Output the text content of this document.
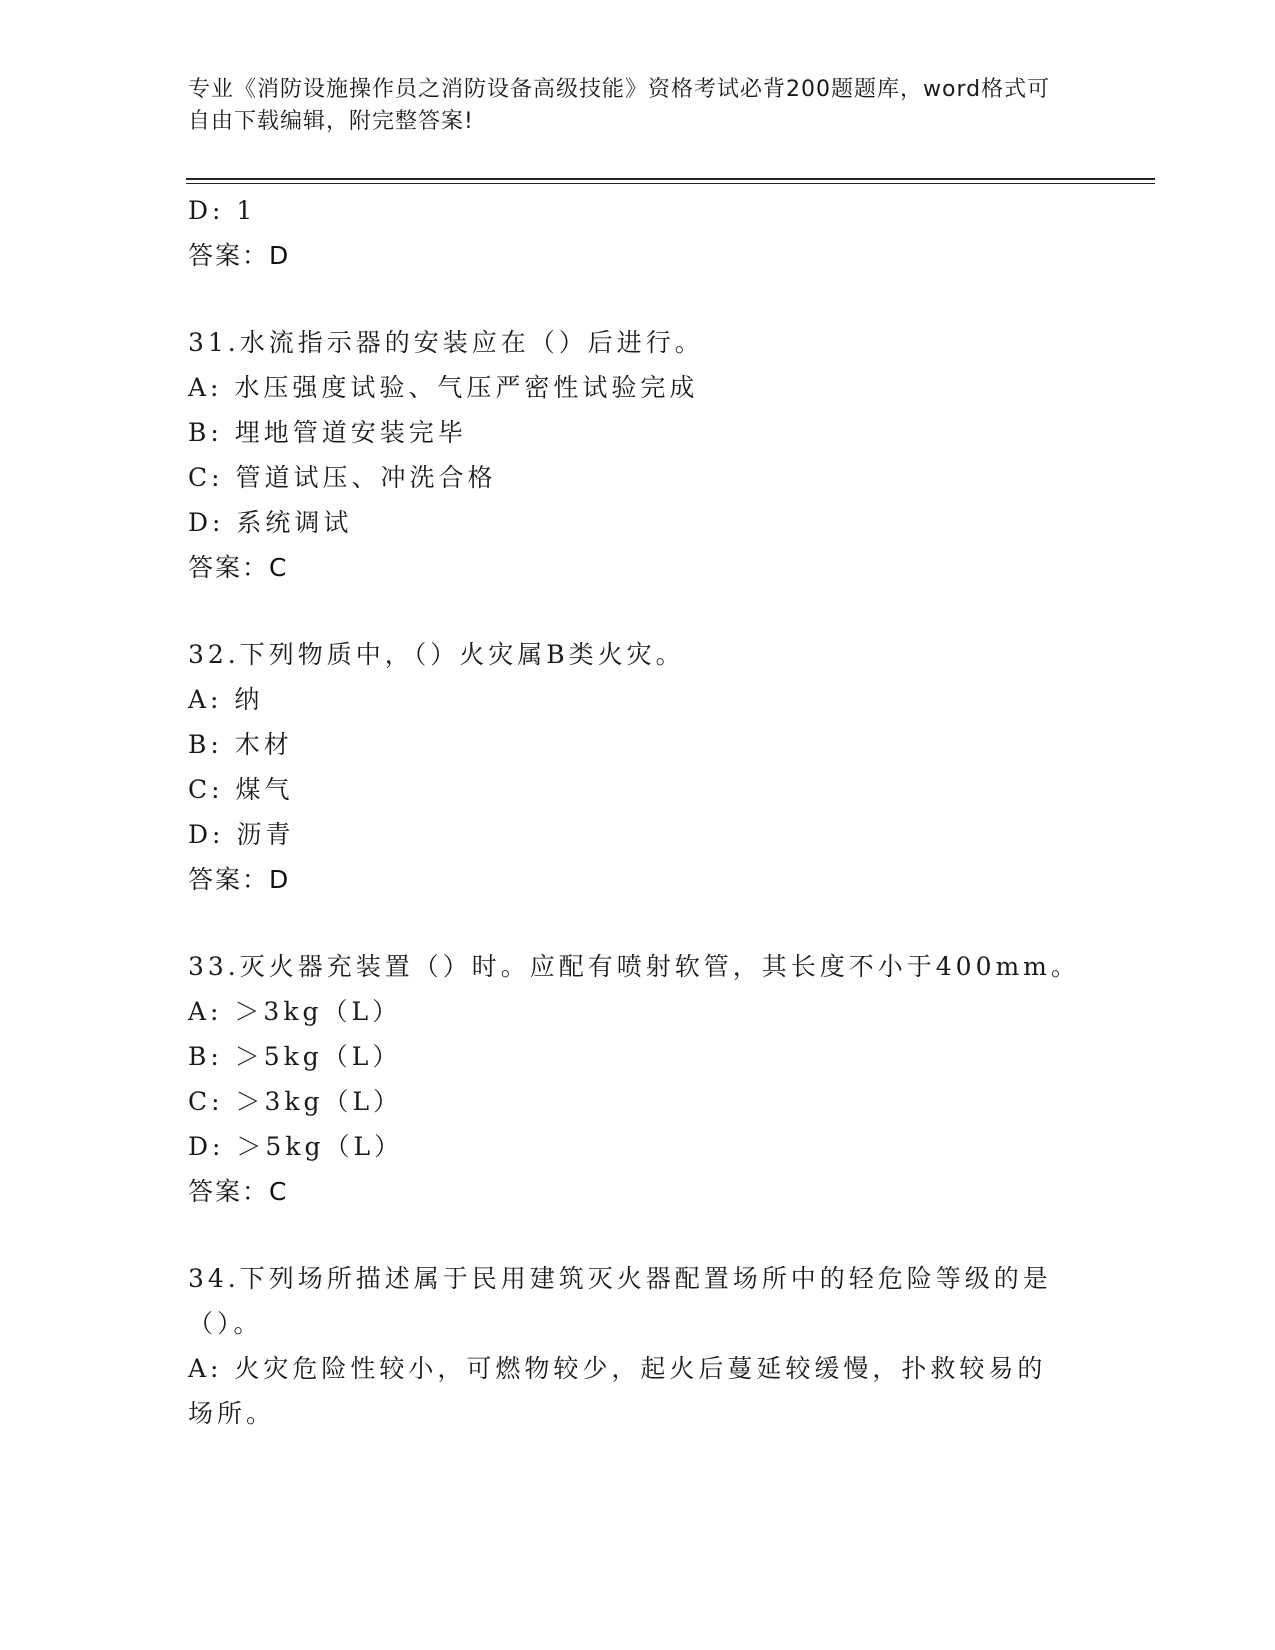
专业《消防设施操作员之消防设备高级技能》资格考试必背200题题库，word格式可自由下载编辑，附完整答案!
D: 1
答案：D
31.水流指示器的安装应在（）后进行。
A: 水压强度试验、气压严密性试验完成
B: 埋地管道安装完毕
C: 管道试压、冲洗合格
D: 系统调试
答案：C
32.下列物质中，（）火灾属B类火灾。
A: 纳
B: 木材
C: 煤气
D: 沥青
答案：D
33.灭火器充装置（）时。应配有喷射软管，其长度不小于400mm。
A: ＞3kg（L）
B: ＞5kg（L）
C: ＞3kg（L）
D: ＞5kg（L）
答案：C
34.下列场所描述属于民用建筑灭火器配置场所中的轻危险等级的是（）。
A: 火灾危险性较小，可燃物较少，起火后蔓延较缓慢，扑救较易的场所。
